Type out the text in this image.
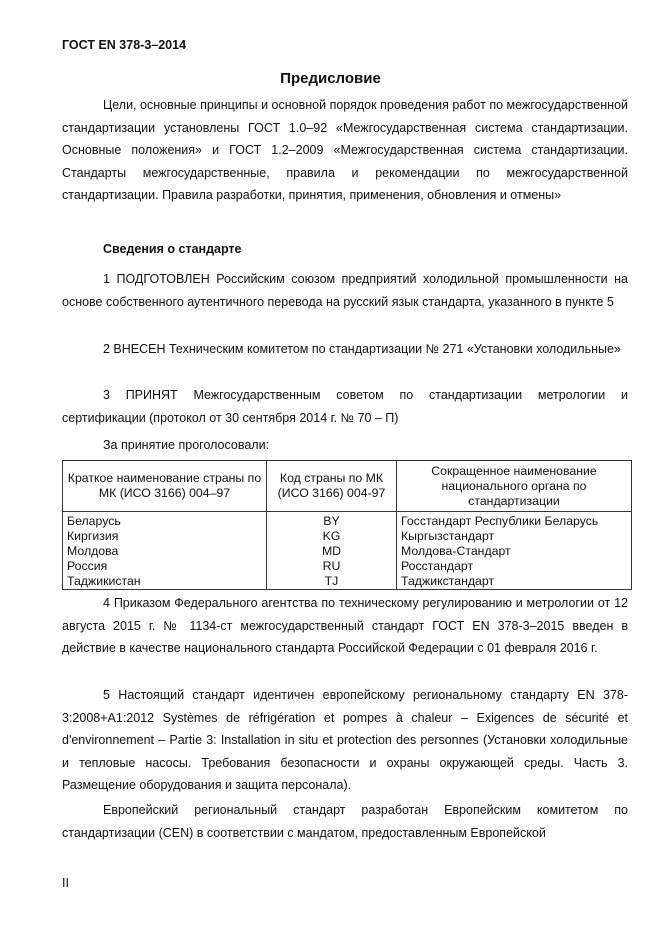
ГОСТ EN 378-3–2014
Предисловие
Цели, основные принципы и основной порядок проведения работ по межгосударственной стандартизации установлены ГОСТ 1.0–92 «Межгосударственная система стандартизации. Основные положения» и ГОСТ 1.2–2009 «Межгосударственная система стандартизации. Стандарты межгосударственные, правила и рекомендации по межгосударственной стандартизации. Правила разработки, принятия, применения, обновления и отмены»
Сведения о стандарте
1 ПОДГОТОВЛЕН Российским союзом предприятий холодильной промышленности на основе собственного аутентичного перевода на русский язык стандарта, указанного в пункте 5
2 ВНЕСЕН Техническим комитетом по стандартизации № 271 «Установки холодильные»
3 ПРИНЯТ Межгосударственным советом по стандартизации метрологии и сертификации (протокол от 30 сентября 2014 г. № 70 – П)
За принятие проголосовали:
Краткое наименование страны по МК (ИСО 3166) 004–97	Код страны по МК (ИСО 3166) 004-97	Сокращенное наименование национального органа по стандартизации
Беларусь	BY	Госстандарт Республики Беларусь
Киргизия	KG	Кыргызстандарт
Молдова	MD	Молдова-Стандарт
Россия	RU	Росстандарт
Таджикистан	TJ	Таджикстандарт
4 Приказом Федерального агентства по техническому регулированию и метрологии от 12 августа 2015 г. № 1134-ст межгосударственный стандарт ГОСТ EN 378-3–2015 введен в действие в качестве национального стандарта Российской Федерации с 01 февраля 2016 г.
5 Настоящий стандарт идентичен европейскому региональному стандарту EN 378-3:2008+A1:2012 Systèmes de réfrigération et pompes à chaleur – Exigences de sécurité et d'environnement – Partie 3: Installation in situ et protection des personnes (Установки холодильные и тепловые насосы. Требования безопасности и охраны окружающей среды. Часть 3. Размещение оборудования и защита персонала).
Европейский региональный стандарт разработан Европейским комитетом по стандартизации (CEN) в соответствии с мандатом, предоставленным Европейской
II
